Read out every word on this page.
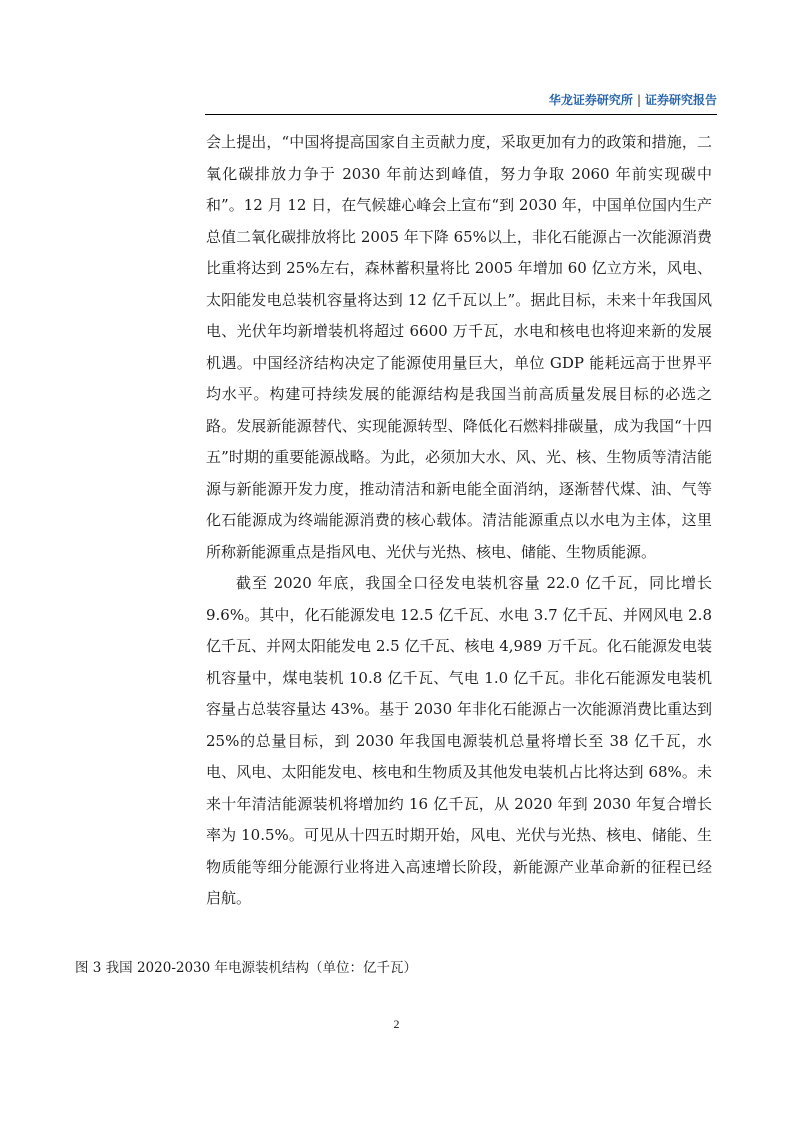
华龙证券研究所 | 证券研究报告

会上提出，“中国将提高国家自主贡献力度，采取更加有力的政策和措施，二氧化碳排放力争于 2030 年前达到峰值，努力争取 2060 年前实现碳中和”。12 月 12 日，在气候雄心峰会上宣布“到 2030 年，中国单位国内生产总值二氧化碳排放将比 2005 年下降 65%以上，非化石能源占一次能源消费比重将达到 25%左右，森林蓄积量将比 2005 年增加 60 亿立方米，风电、太阳能发电总装机容量将达到 12 亿千瓦以上”。据此目标，未来十年我国风电、光伏年均新增装机将超过 6600 万千瓦，水电和核电也将迎来新的发展机遇。中国经济结构决定了能源使用量巨大，单位 GDP 能耗远高于世界平均水平。构建可持续发展的能源结构是我国当前高质量发展目标的必选之路。发展新能源替代、实现能源转型、降低化石燃料排碳量，成为我国“十四五”时期的重要能源战略。为此，必须加大水、风、光、核、生物质等清洁能源与新能源开发力度，推动清洁和新电能全面消纳，逐渐替代煤、油、气等化石能源成为终端能源消费的核心载体。清洁能源重点以水电为主体，这里所称新能源重点是指风电、光伏与光热、核电、储能、生物质能源。

截至 2020 年底，我国全口径发电装机容量 22.0 亿千瓦，同比增长 9.6%。其中，化石能源发电 12.5 亿千瓦、水电 3.7 亿千瓦、并网风电 2.8 亿千瓦、并网太阳能发电 2.5 亿千瓦、核电 4,989 万千瓦。化石能源发电装机容量中，煤电装机 10.8 亿千瓦、气电 1.0 亿千瓦。非化石能源发电装机容量占总装容量达 43%。基于 2030 年非化石能源占一次能源消费比重达到 25%的总量目标，到 2030 年我国电源装机总量将增长至 38 亿千瓦，水电、风电、太阳能发电、核电和生物质及其他发电装机占比将达到 68%。未来十年清洁能源装机将增加约 16 亿千瓦，从 2020 年到 2030 年复合增长率为 10.5%。可见从十四五时期开始，风电、光伏与光热、核电、储能、生物质能等细分能源行业将进入高速增长阶段，新能源产业革命新的征程已经启航。

图 3 我国 2020-2030 年电源装机结构（单位：亿千瓦）
2
